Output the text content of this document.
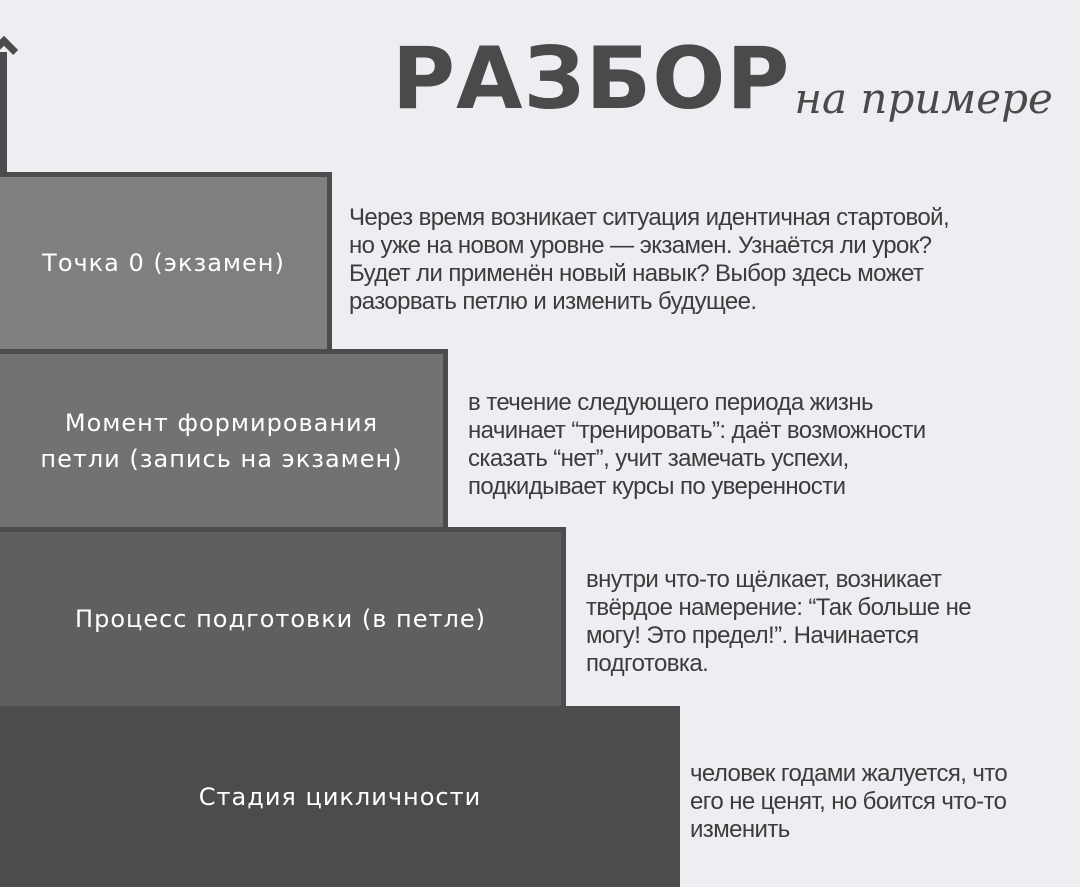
РАЗБОР на примере
Точка 0 (экзамен)
Момент формирования
петли (запись на экзамен)
Процесс подготовки (в петле)
Стадия цикличности
Через время возникает ситуация идентичная стартовой,
но уже на новом уровне — экзамен. Узнаётся ли урок?
Будет ли применён новый навык? Выбор здесь может
разорвать петлю и изменить будущее.
в течение следующего периода жизнь
начинает “тренировать”: даёт возможности
сказать “нет”, учит замечать успехи,
подкидывает курсы по уверенности
внутри что-то щёлкает, возникает
твёрдое намерение: “Так больше не
могу! Это предел!”. Начинается
подготовка.
человек годами жалуется, что
его не ценят, но боится что-то
изменить
